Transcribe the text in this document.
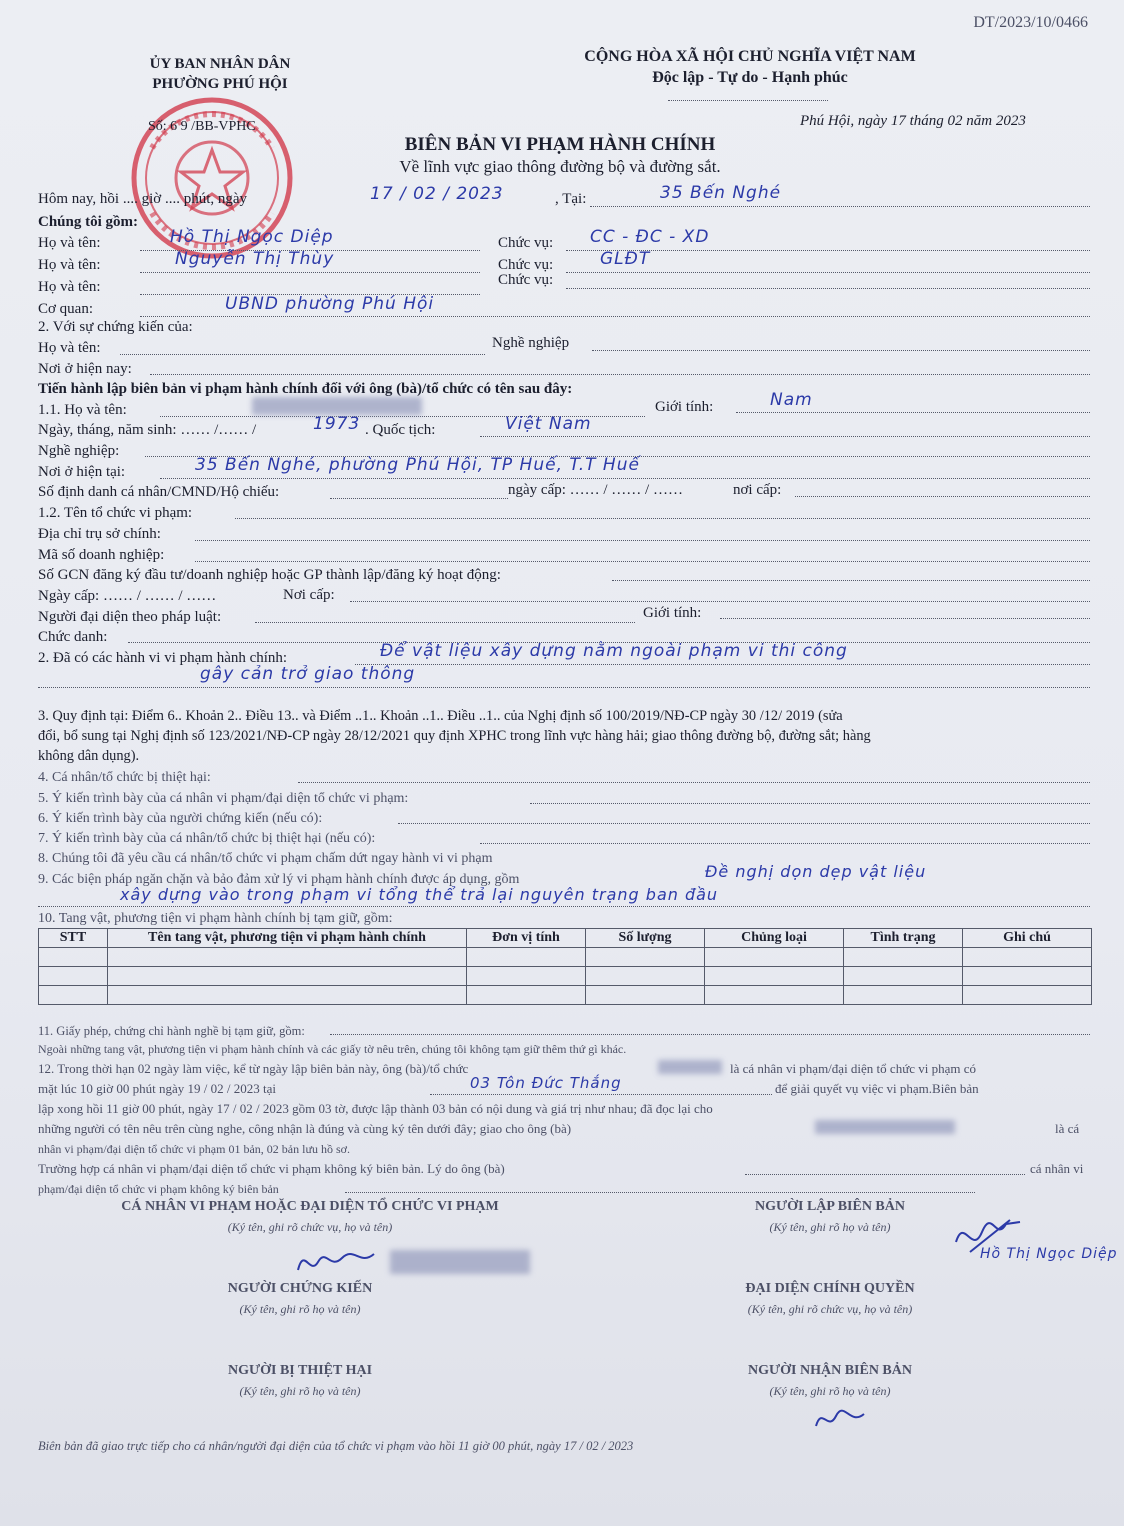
DT/2023/10/0466
ỦY BAN NHÂN DÂN
PHƯỜNG PHÚ HỘI
Số: 6 9 /BB-VPHC
CỘNG HÒA XÃ HỘI CHỦ NGHĨA VIỆT NAM
Độc lập - Tự do - Hạnh phúc
Phú Hội, ngày 17 tháng 02 năm 2023
BIÊN BẢN VI PHẠM HÀNH CHÍNH
Về lĩnh vực giao thông đường bộ và đường sắt.
Hôm nay, hồi .... giờ .... phút, ngày	17 / 02 / 2023	, Tại:	35 Bến Nghé
Chúng tôi gồm:
Họ và tên:	Hồ Thị Ngọc Diệp	Chức vụ: CC - ĐC - XD
Họ và tên:	Nguyễn Thị Thùy	Chức vụ:	GLĐT
Họ và tên:	Chức vụ:
Cơ quan:	UBND phường Phú Hội
2. Với sự chứng kiến của:
Họ và tên:	Nghề nghiệp
Nơi ở hiện nay:
Tiến hành lập biên bản vi phạm hành chính đối với ông (bà)/tổ chức có tên sau đây:
1.1. Họ và tên:	Giới tính:	Nam
Ngày, tháng, năm sinh: …… /…… /	1973 . Quốc tịch:	Việt Nam
Nghề nghiệp:
Nơi ở hiện tại:	35 Bến Nghé, phường Phú Hội, TP Huế, T.T Huế
Số định danh cá nhân/CMND/Hộ chiếu:	ngày cấp: …… / …… / ……	nơi cấp:
1.2. Tên tổ chức vi phạm:
Địa chỉ trụ sở chính:
Mã số doanh nghiệp:
Số GCN đăng ký đầu tư/doanh nghiệp hoặc GP thành lập/đăng ký hoạt động:
Ngày cấp: …… / …… / ……	Nơi cấp:
Người đại diện theo pháp luật:	Giới tính:
Chức danh:
2. Đã có các hành vi vi phạm hành chính:	Để vật liệu xây dựng nằm ngoài phạm vi thi công
gây cản trở giao thông
3. Quy định tại: Điểm 6.. Khoản 2.. Điều 13.. và Điểm ..1.. Khoản ..1.. Điều ..1.. của Nghị định số 100/2019/NĐ-CP ngày 30 /12/ 2019 (sửa
đổi, bổ sung tại Nghị định số 123/2021/NĐ-CP ngày 28/12/2021 quy định XPHC trong lĩnh vực hàng hải; giao thông đường bộ, đường sắt; hàng
không dân dụng).
4. Cá nhân/tổ chức bị thiệt hại:
5. Ý kiến trình bày của cá nhân vi phạm/đại diện tổ chức vi phạm:
6. Ý kiến trình bày của người chứng kiến (nếu có):
7. Ý kiến trình bày của cá nhân/tổ chức bị thiệt hại (nếu có):
8. Chúng tôi đã yêu cầu cá nhân/tổ chức vi phạm chấm dứt ngay hành vi vi phạm
9. Các biện pháp ngăn chặn và bảo đảm xử lý vi phạm hành chính được áp dụng, gồm	Đề nghị dọn dẹp vật liệu
xây dựng vào trong phạm vi tổng thể trả lại nguyên trạng ban đầu
10. Tang vật, phương tiện vi phạm hành chính bị tạm giữ, gồm:
STT	Tên tang vật, phương tiện vi phạm hành chính	Đơn vị tính	Số lượng	Chủng loại	Tình trạng	Ghi chú

11. Giấy phép, chứng chỉ hành nghề bị tạm giữ, gồm:
Ngoài những tang vật, phương tiện vi phạm hành chính và các giấy tờ nêu trên, chúng tôi không tạm giữ thêm thứ gì khác.
12. Trong thời hạn 02 ngày làm việc, kể từ ngày lập biên bản này, ông (bà)/tổ chức	là cá nhân vi phạm/đại diện tổ chức vi phạm có
mặt lúc 10 giờ 00 phút ngày 19 / 02 / 2023 tại	03 Tôn Đức Thắng	để giải quyết vụ việc vi phạm.Biên bản
lập xong hồi 11 giờ 00 phút, ngày 17 / 02 / 2023 gồm 03 tờ, được lập thành 03 bản có nội dung và giá trị như nhau; đã đọc lại cho
những người có tên nêu trên cùng nghe, công nhận là đúng và cùng ký tên dưới đây; giao cho ông (bà)	là cá
nhân vi phạm/đại diện tổ chức vi phạm 01 bản, 02 bản lưu hồ sơ.
Trường hợp cá nhân vi phạm/đại diện tổ chức vi phạm không ký biên bản. Lý do ông (bà)	cá nhân vi
phạm/đại diện tổ chức vi phạm không ký biên bản
CÁ NHÂN VI PHẠM HOẶC ĐẠI DIỆN TỔ CHỨC VI PHẠM
(Ký tên, ghi rõ chức vụ, họ và tên)
NGƯỜI LẬP BIÊN BẢN
(Ký tên, ghi rõ họ và tên)
Hồ Thị Ngọc Diệp
NGƯỜI CHỨNG KIẾN
(Ký tên, ghi rõ họ và tên)
ĐẠI DIỆN CHÍNH QUYỀN
(Ký tên, ghi rõ chức vụ, họ và tên)
NGƯỜI BỊ THIỆT HẠI
(Ký tên, ghi rõ họ và tên)
NGƯỜI NHẬN BIÊN BẢN
(Ký tên, ghi rõ họ và tên)
Biên bản đã giao trực tiếp cho cá nhân/người đại diện của tổ chức vi phạm vào hồi 11 giờ 00 phút, ngày 17 / 02 / 2023
